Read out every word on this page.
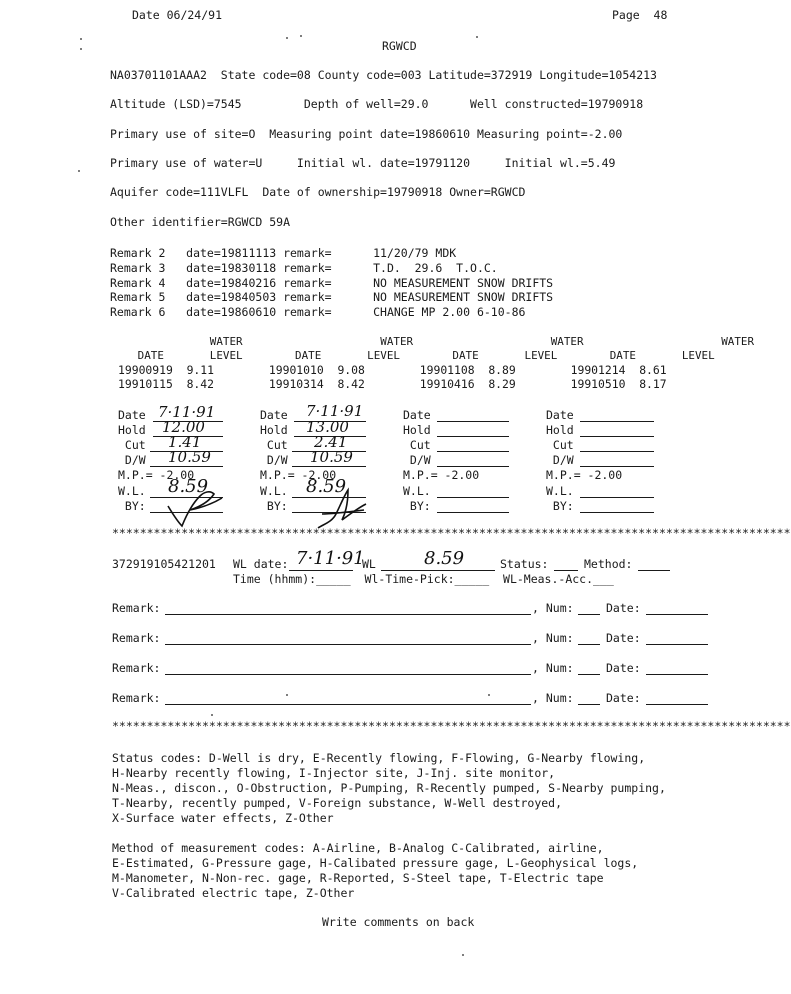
Date 06/24/91	Page  48
RGWCD
NA03701101AAA2  State code=08 County code=003 Latitude=372919 Longitude=1054213
Altitude (LSD)=7545         Depth of well=29.0      Well constructed=19790918
Primary use of site=O  Measuring point date=19860610 Measuring point=-2.00
Primary use of water=U     Initial wl. date=19791120     Initial wl.=5.49
Aquifer code=111VLFL  Date of ownership=19790918 Owner=RGWCD
Other identifier=RGWCD 59A
Remark 2   date=19811113 remark=      11/20/79 MDK
Remark 3   date=19830118 remark=      T.D.  29.6  T.O.C.
Remark 4   date=19840216 remark=      NO MEASUREMENT SNOW DRIFTS
Remark 5   date=19840503 remark=      NO MEASUREMENT SNOW DRIFTS
Remark 6   date=19860610 remark=      CHANGE MP 2.00 6-10-86
WATER                     WATER                     WATER                     WATER
DATE       LEVEL        DATE       LEVEL        DATE       LEVEL        DATE       LEVEL
19900919  9.11        19901010  9.08        19901108  8.89        19901214  8.61
19910115  8.42        19910314  8.42        19910416  8.29        19910510  8.17
Date 7·11·91
Hold 12.00
Cut 1.41
D/W 10.59
M.P.= -2.00
W.L. 8.59
BY:
Date 7·11·91
Hold 13.00
Cut 2.41
D/W 10.59
M.P.= -2.00
W.L. 8.59
BY:
Date
Hold
Cut
D/W
M.P.= -2.00
W.L.
BY:
Date
Hold
Cut
D/W
M.P.= -2.00
W.L.
BY:
**************************************************************************************************
372919105421201 WL date: 7·11·91
WL	8.59	Status:	Method:
Time (hhmm):_____  Wl-Time-Pick:_____  WL-Meas.-Acc.___
Remark:	, Num:	Date:
Remark:	, Num:	Date:
Remark:	, Num:	Date:
Remark:	, Num:	Date:
**************************************************************************************************
Status codes: D-Well is dry, E-Recently flowing, F-Flowing, G-Nearby flowing,
H-Nearby recently flowing, I-Injector site, J-Inj. site monitor,
N-Meas., discon., O-Obstruction, P-Pumping, R-Recently pumped, S-Nearby pumping,
T-Nearby, recently pumped, V-Foreign substance, W-Well destroyed,
X-Surface water effects, Z-Other
Method of measurement codes: A-Airline, B-Analog C-Calibrated, airline,
E-Estimated, G-Pressure gage, H-Calibated pressure gage, L-Geophysical logs,
M-Manometer, N-Non-rec. gage, R-Reported, S-Steel tape, T-Electric tape
V-Calibrated electric tape, Z-Other
Write comments on back
